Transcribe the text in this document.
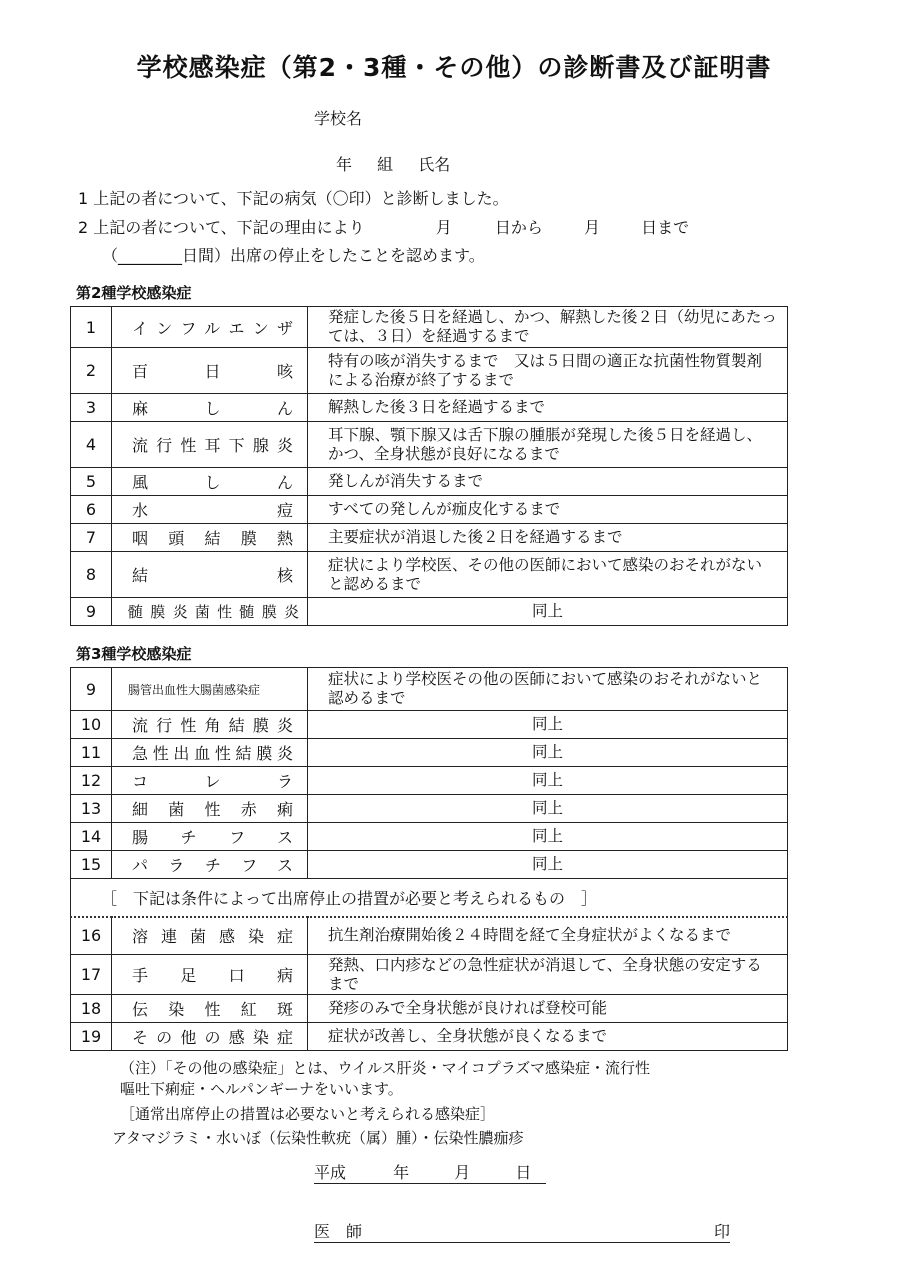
学校感染症（第2・3種・その他）の診断書及び証明書
学校名
年 組 氏名
1 上記の者について、下記の病気（〇印）と診断しました。
2 上記の者について、下記の理由により	月	日から	月	日まで
（________日間）出席の停止をしたことを認めます。
第2種学校感染症
1	インフルエンザ	発症した後５日を経過し、かつ、解熱した後２日（幼児にあたっては、３日）を経過するまで
2	百　日　咳	特有の咳が消失するまで　又は５日間の適正な抗菌性物質製剤による治療が終了するまで
3	麻　し　ん	解熱した後３日を経過するまで
4	流行性耳下腺炎	耳下腺、顎下腺又は舌下腺の腫脹が発現した後５日を経過し、かつ、全身状態が良好になるまで
5	風　し　ん	発しんが消失するまで
6	水　痘	すべての発しんが痂皮化するまで
7	咽頭結膜熱	主要症状が消退した後２日を経過するまで
8	結　核	症状により学校医、その他の医師において感染のおそれがないと認めるまで
9	髄膜炎菌性髄膜炎	同上
第3種学校感染症
9	腸管出血性大腸菌感染症	症状により学校医その他の医師において感染のおそれがないと認めるまで
10	流行性角結膜炎	同上
11	急性出血性結膜炎	同上
12	コ　レ　ラ	同上
13	細菌性赤痢	同上
14	腸チフス	同上
15	パラチフス	同上
［　下記は条件によって出席停止の措置が必要と考えられるもの　］		
16	溶連菌感染症	抗生剤治療開始後２４時間を経て全身症状がよくなるまで
17	手足口病	発熱、口内疹などの急性症状が消退して、全身状態の安定するまで
18	伝染性紅斑	発疹のみで全身状態が良ければ登校可能
19	その他の感染症	症状が改善し、全身状態が良くなるまで
（注）「その他の感染症」とは、ウイルス肝炎・マイコプラズマ感染症・流行性
嘔吐下痢症・ヘルパンギーナをいいます。
［通常出席停止の措置は必要ないと考えられる感染症］
アタマジラミ・水いぼ（伝染性軟疣（属）腫）・伝染性膿痂疹
平成	年	月	日
医　師	印
